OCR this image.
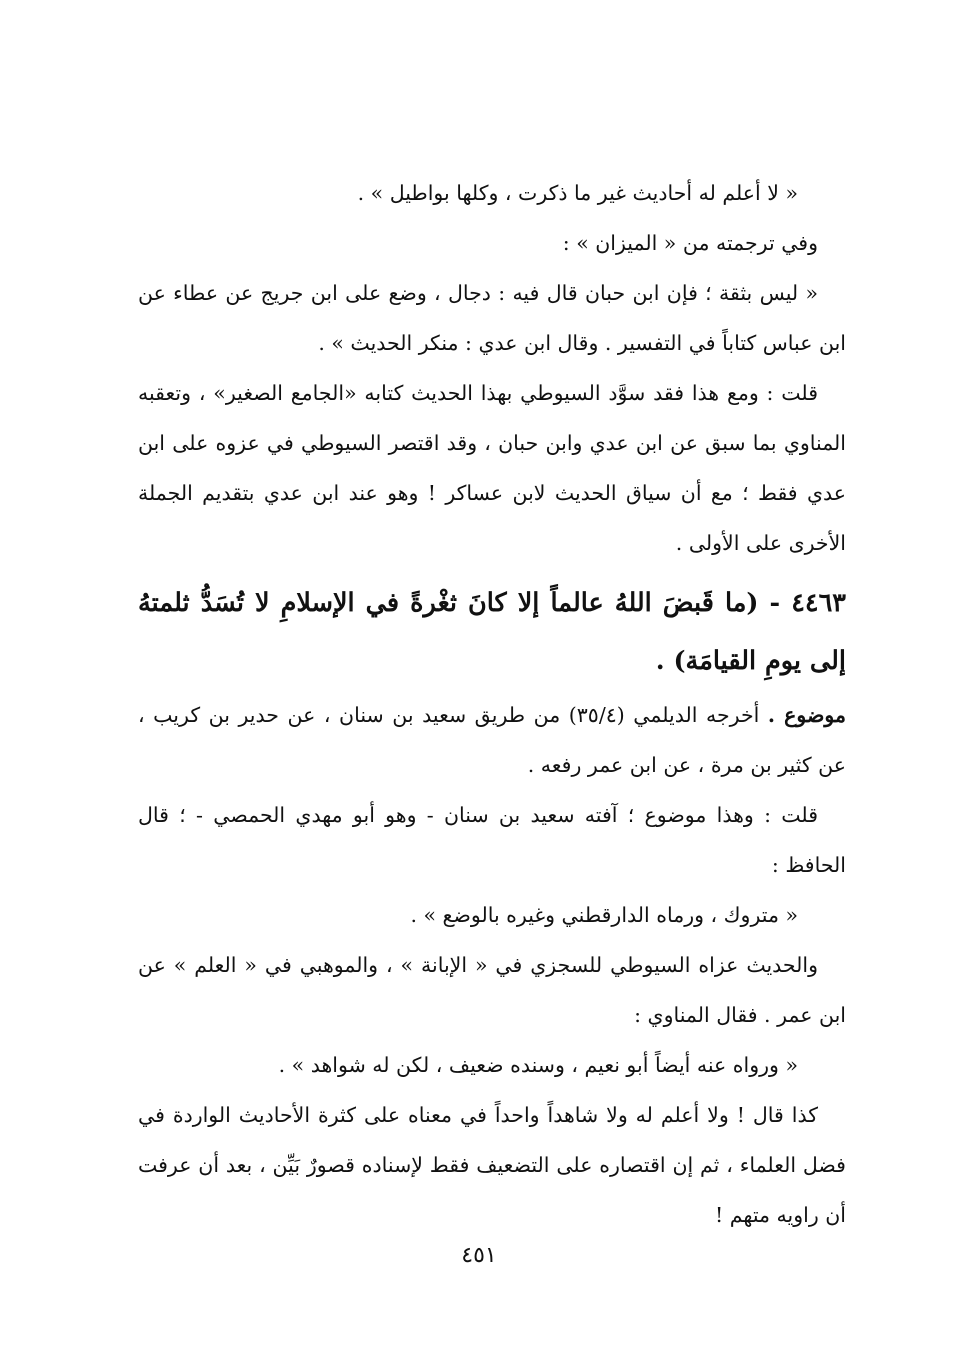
« لا أعلم له أحاديث غير ما ذكرت ، وكلها بواطيل » .

وفي ترجمته من « الميزان » :

« ليس بثقة ؛ فإن ابن حبان قال فيه : دجال ، وضع على ابن جريج عن عطاء عن ابن عباس كتاباً في التفسير . وقال ابن عدي : منكر الحديث » .

قلت : ومع هذا فقد سوَّد السيوطي بهذا الحديث كتابه «الجامع الصغير» ، وتعقبه المناوي بما سبق عن ابن عدي وابن حبان ، وقد اقتصر السيوطي في عزوه على ابن عدي فقط ؛ مع أن سياق الحديث لابن عساكر ! وهو عند ابن عدي بتقديم الجملة الأخرى على الأولى .

٤٤٦٣ - (ما قَبضَ اللهُ عالماً إلا كانَ ثغْرةً في الإسلامِ لا تُسَدُّ ثلمتهُ إلى يومِ القيامَة) .

موضوع . أخرجه الديلمي (٣٥/٤) من طريق سعيد بن سنان ، عن حدير بن كريب ، عن كثير بن مرة ، عن ابن عمر رفعه .

قلت : وهذا موضوع ؛ آفته سعيد بن سنان - وهو أبو مهدي الحمصي - ؛ قال الحافظ :

« متروك ، ورماه الدارقطني وغيره بالوضع » .

والحديث عزاه السيوطي للسجزي في « الإبانة » ، والموهبي في « العلم » عن ابن عمر . فقال المناوي :

« ورواه عنه أيضاً أبو نعيم ، وسنده ضعيف ، لكن له شواهد » .

كذا قال ! ولا أعلم له ولا شاهداً واحداً في معناه على كثرة الأحاديث الواردة في فضل العلماء ، ثم إن اقتصاره على التضعيف فقط لإسناده قصورٌ بَيِّن ، بعد أن عرفت أن راويه متهم !

٤٥١
